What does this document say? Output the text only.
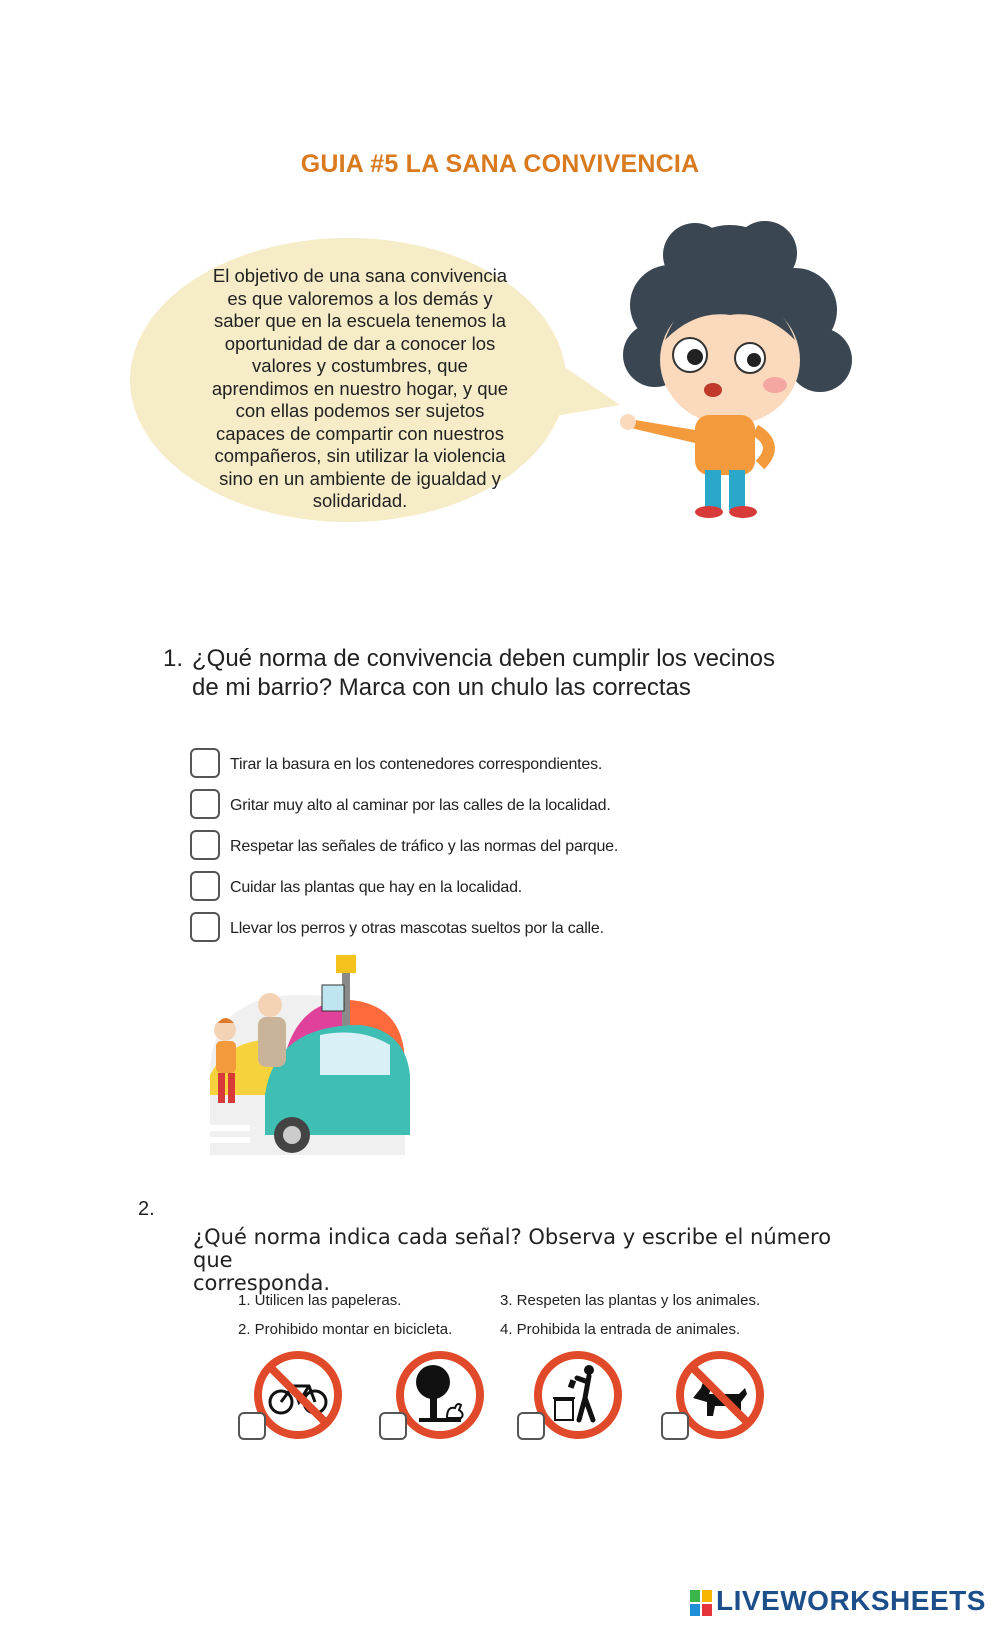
GUIA #5 LA SANA CONVIVENCIA
El objetivo de una sana convivencia
es que valoremos a los demás y
saber que en la escuela tenemos la
oportunidad de dar a conocer los
valores y costumbres, que
aprendimos en nuestro hogar, y que
con ellas podemos ser sujetos
capaces de compartir con nuestros
compañeros, sin utilizar la violencia
sino en un ambiente de igualdad y
solidaridad.
1. ¿Qué norma de convivencia deben cumplir los vecinos
de mi barrio? Marca con un chulo las correctas
Tirar la basura en los contenedores correspondientes.
Gritar muy alto al caminar por las calles de la localidad.
Respetar las señales de tráfico y las normas del parque.
Cuidar las plantas que hay en la localidad.
Llevar los perros y otras mascotas sueltos por la calle.
2.
¿Qué norma indica cada señal? Observa y escribe el número que
corresponda.
1. Utilicen las papeleras.
2. Prohibido montar en bicicleta.
3. Respeten las plantas y los animales.
4. Prohibida la entrada de animales.
LIVEWORKSHEETS
